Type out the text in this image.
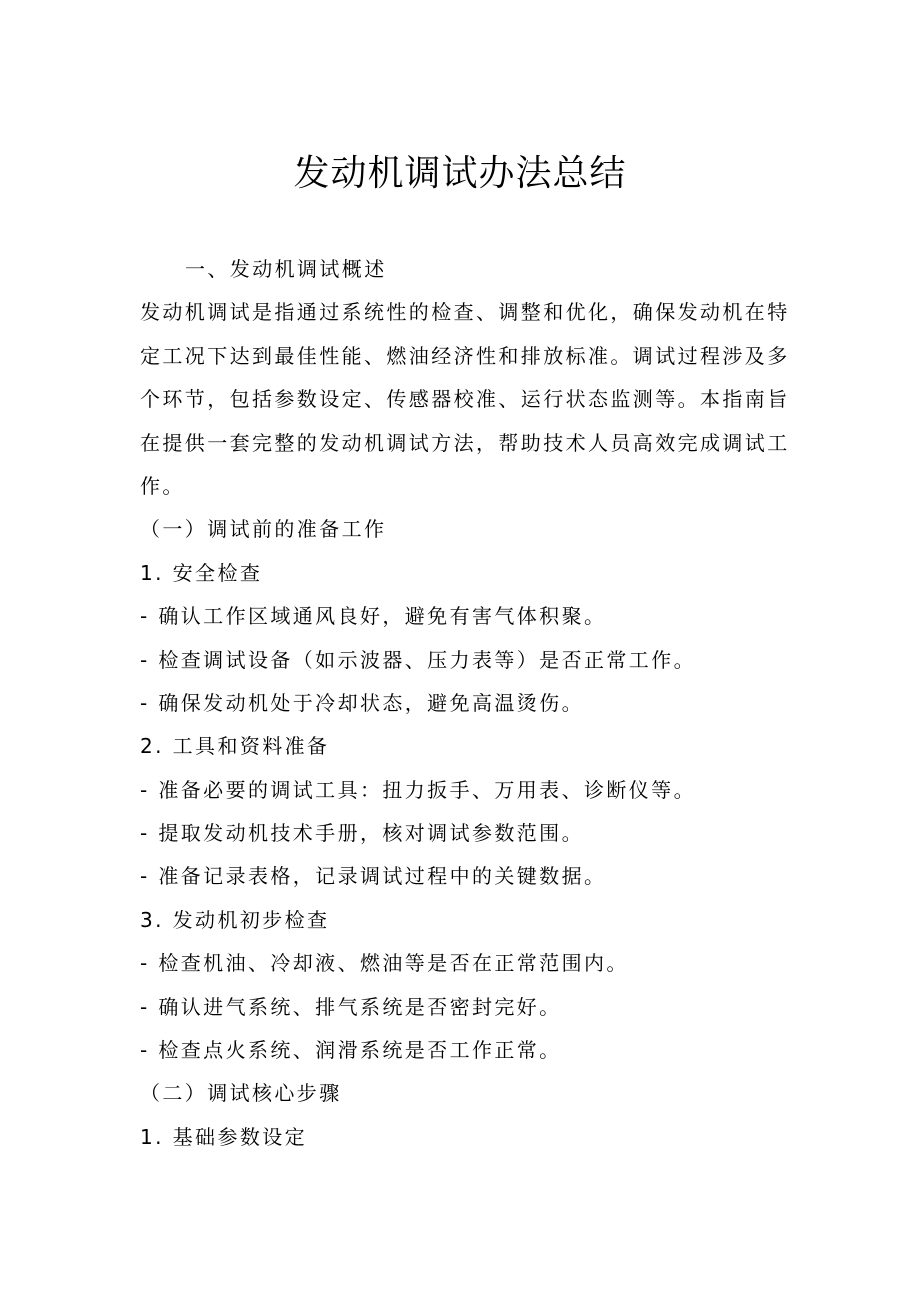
发动机调试办法总结
一、发动机调试概述
发动机调试是指通过系统性的检查、调整和优化，确保发动机在特
定工况下达到最佳性能、燃油经济性和排放标准。调试过程涉及多
个环节，包括参数设定、传感器校准、运行状态监测等。本指南旨
在提供一套完整的发动机调试方法，帮助技术人员高效完成调试工
作。
（一）调试前的准备工作
1. 安全检查
- 确认工作区域通风良好，避免有害气体积聚。
- 检查调试设备（如示波器、压力表等）是否正常工作。
- 确保发动机处于冷却状态，避免高温烫伤。
2. 工具和资料准备
- 准备必要的调试工具：扭力扳手、万用表、诊断仪等。
- 提取发动机技术手册，核对调试参数范围。
- 准备记录表格，记录调试过程中的关键数据。
3. 发动机初步检查
- 检查机油、冷却液、燃油等是否在正常范围内。
- 确认进气系统、排气系统是否密封完好。
- 检查点火系统、润滑系统是否工作正常。
（二）调试核心步骤
1. 基础参数设定
